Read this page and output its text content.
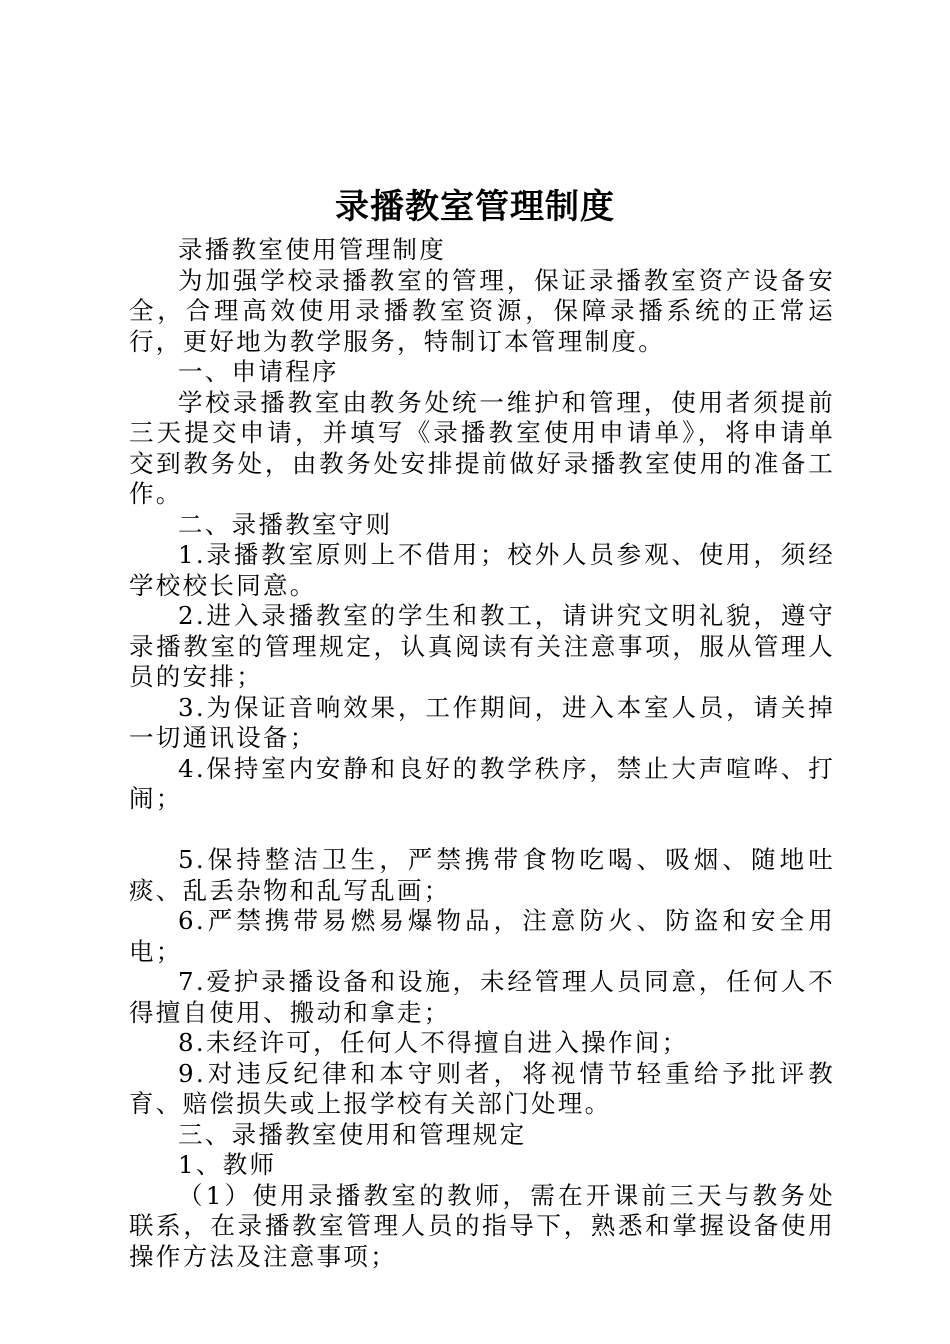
录播教室管理制度

录播教室使用管理制度

为加强学校录播教室的管理，保证录播教室资产设备安全，合理高效使用录播教室资源，保障录播系统的正常运行，更好地为教学服务，特制订本管理制度。

一、申请程序

学校录播教室由教务处统一维护和管理，使用者须提前三天提交申请，并填写《录播教室使用申请单》，将申请单交到教务处，由教务处安排提前做好录播教室使用的准备工作。

二、录播教室守则

1.录播教室原则上不借用；校外人员参观、使用，须经学校校长同意。

2.进入录播教室的学生和教工，请讲究文明礼貌，遵守录播教室的管理规定，认真阅读有关注意事项，服从管理人员的安排；

3.为保证音响效果，工作期间，进入本室人员，请关掉一切通讯设备；

4.保持室内安静和良好的教学秩序，禁止大声喧哗、打闹；

5.保持整洁卫生，严禁携带食物吃喝、吸烟、随地吐痰、乱丢杂物和乱写乱画；

6.严禁携带易燃易爆物品，注意防火、防盗和安全用电；

7.爱护录播设备和设施，未经管理人员同意，任何人不得擅自使用、搬动和拿走；

8.未经许可，任何人不得擅自进入操作间；

9.对违反纪律和本守则者，将视情节轻重给予批评教育、赔偿损失或上报学校有关部门处理。

三、录播教室使用和管理规定

1、教师

（1）使用录播教室的教师，需在开课前三天与教务处联系，在录播教室管理人员的指导下，熟悉和掌握设备使用操作方法及注意事项；
